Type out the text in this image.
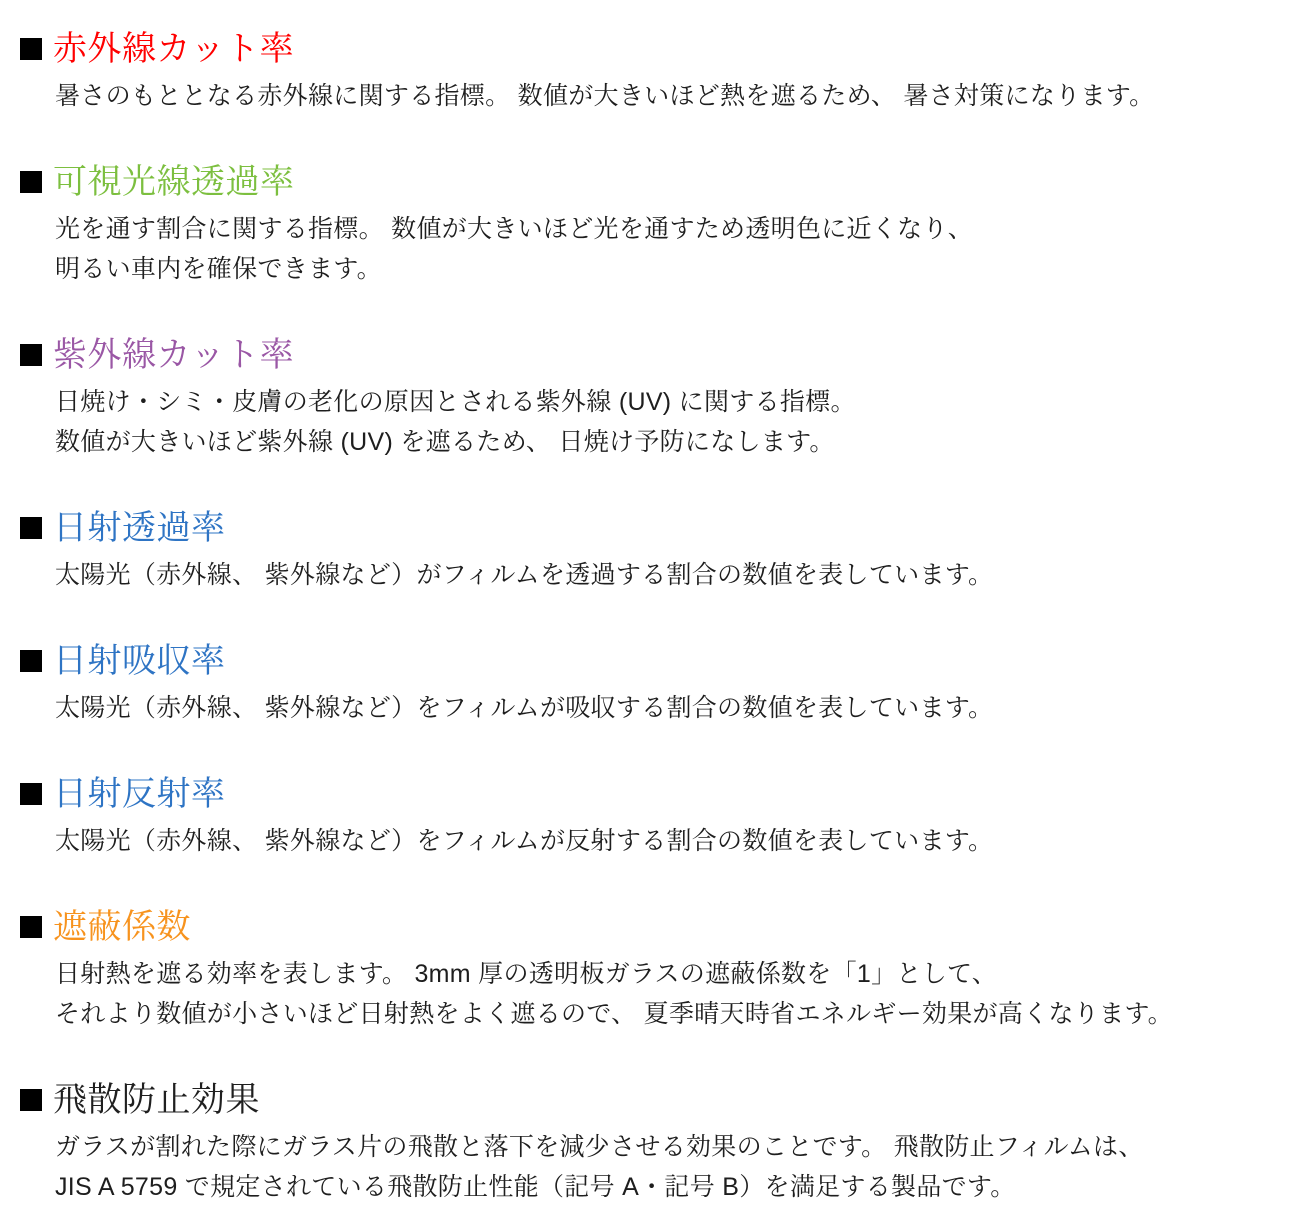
赤外線カット率

暑さのもととなる赤外線に関する指標。 数値が大きいほど熱を遮るため、 暑さ対策になります。

可視光線透過率

光を通す割合に関する指標。 数値が大きいほど光を通すため透明色に近くなり、

明るい車内を確保できます。

紫外線カット率

日焼け・シミ・皮膚の老化の原因とされる紫外線 (UV) に関する指標。

数値が大きいほど紫外線 (UV) を遮るため、 日焼け予防になします。

日射透過率

太陽光（赤外線、 紫外線など）がフィルムを透過する割合の数値を表しています。

日射吸収率

太陽光（赤外線、 紫外線など）をフィルムが吸収する割合の数値を表しています。

日射反射率

太陽光（赤外線、 紫外線など）をフィルムが反射する割合の数値を表しています。

遮蔽係数

日射熱を遮る効率を表します。 3mm 厚の透明板ガラスの遮蔽係数を「1」として、

それより数値が小さいほど日射熱をよく遮るので、 夏季晴天時省エネルギー効果が高くなります。

飛散防止効果

ガラスが割れた際にガラス片の飛散と落下を減少させる効果のことです。 飛散防止フィルムは、

JIS A 5759 で規定されている飛散防止性能（記号 A・記号 B）を満足する製品です。
